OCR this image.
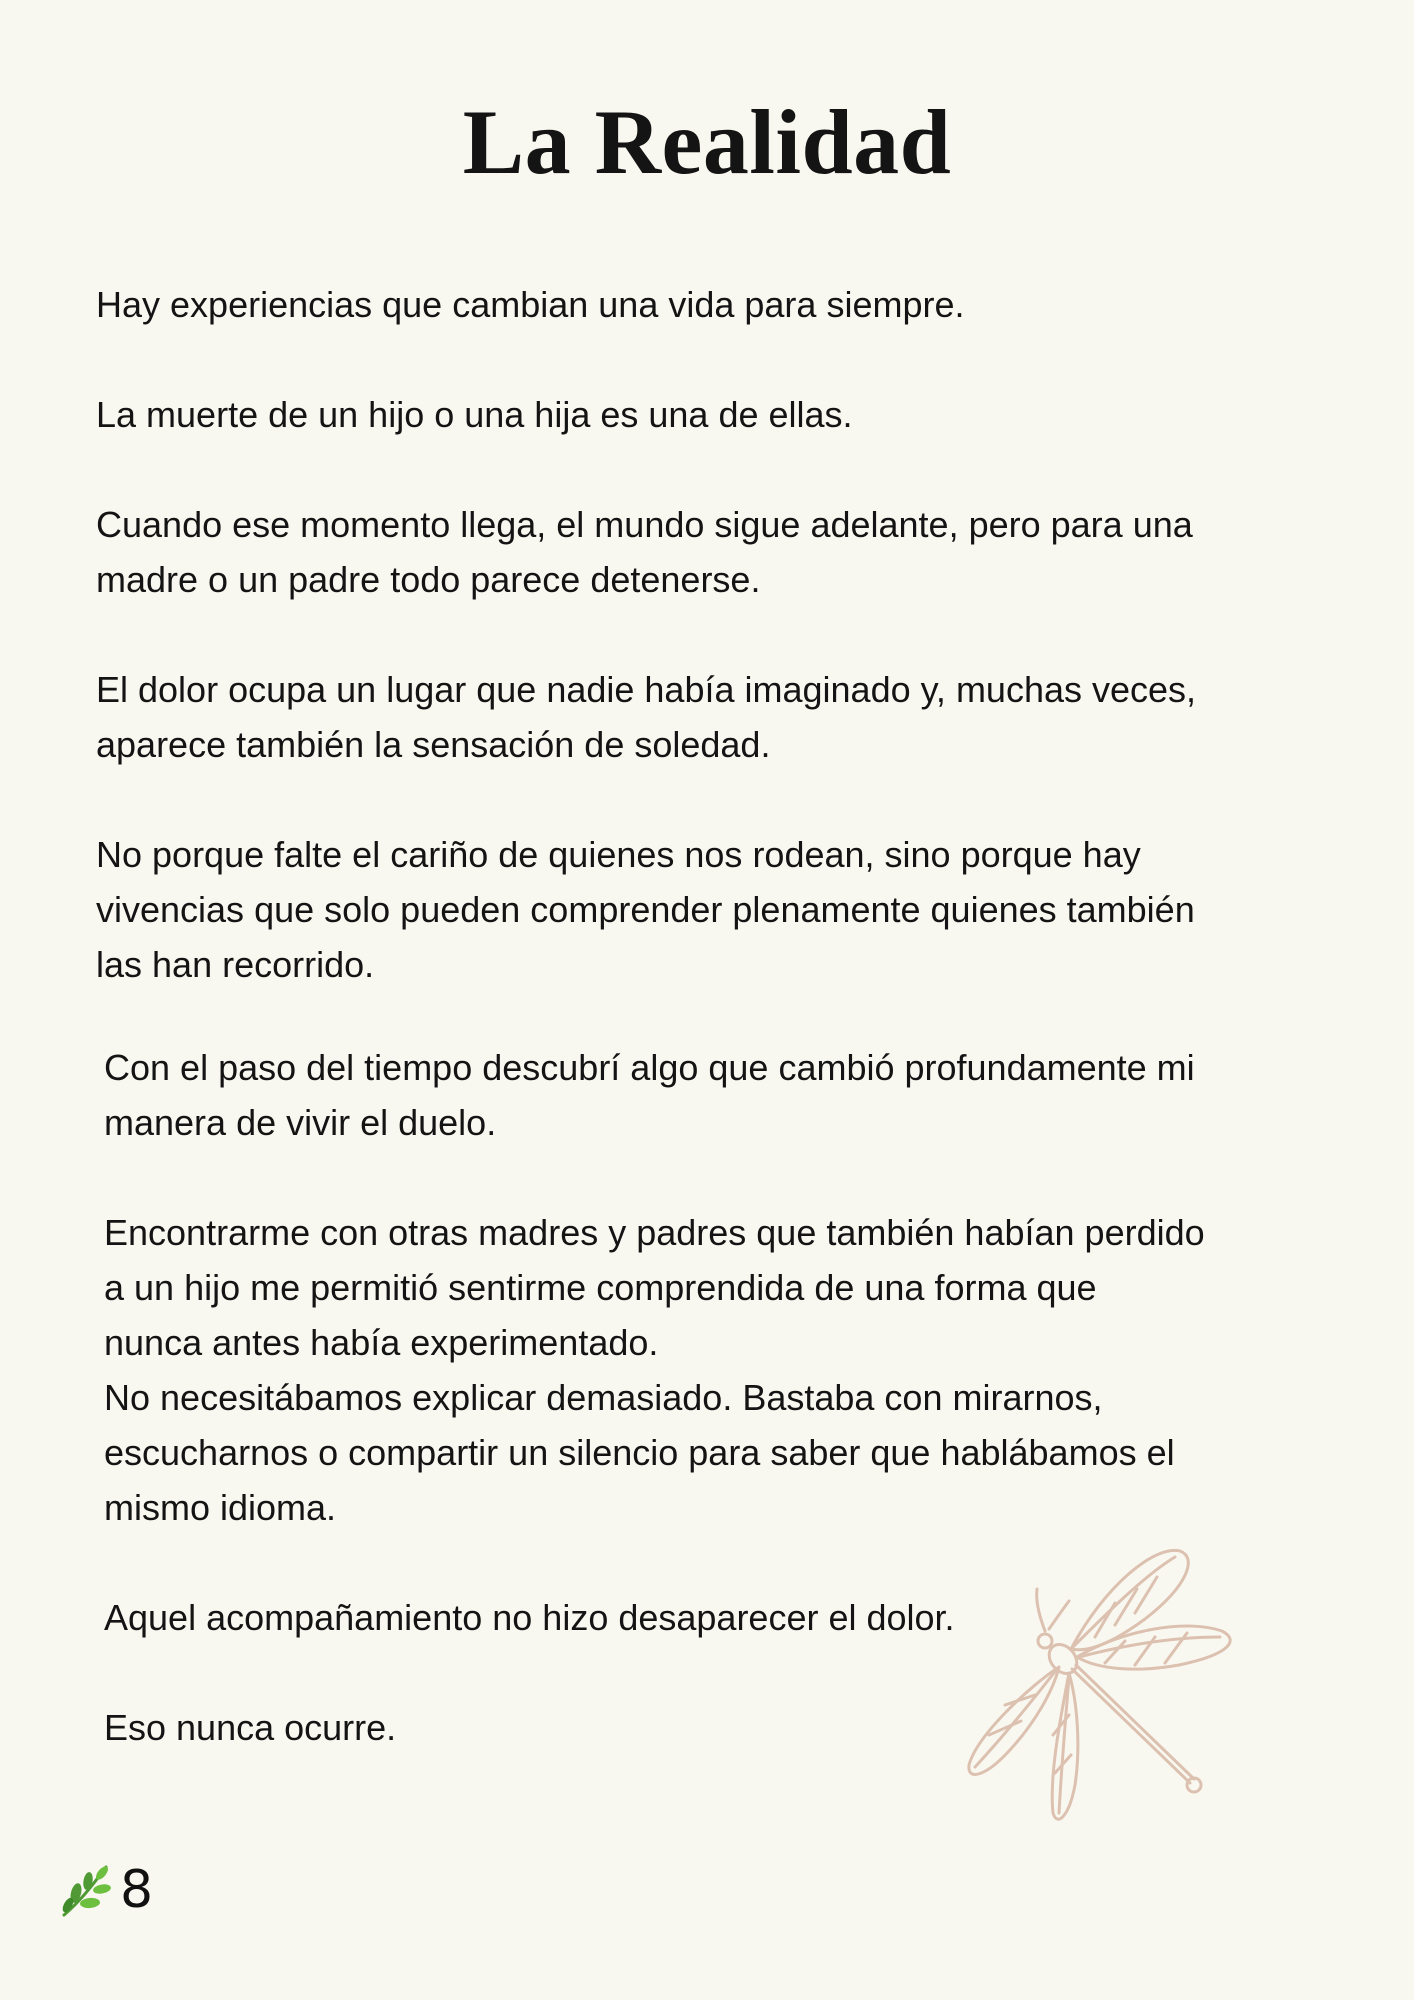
La Realidad

Hay experiencias que cambian una vida para siempre.

La muerte de un hijo o una hija es una de ellas.

Cuando ese momento llega, el mundo sigue adelante, pero para una
madre o un padre todo parece detenerse.

El dolor ocupa un lugar que nadie había imaginado y, muchas veces,
aparece también la sensación de soledad.

No porque falte el cariño de quienes nos rodean, sino porque hay
vivencias que solo pueden comprender plenamente quienes también
las han recorrido.

Con el paso del tiempo descubrí algo que cambió profundamente mi
manera de vivir el duelo.

Encontrarme con otras madres y padres que también habían perdido
a un hijo me permitió sentirme comprendida de una forma que
nunca antes había experimentado.
No necesitábamos explicar demasiado. Bastaba con mirarnos,
escucharnos o compartir un silencio para saber que hablábamos el
mismo idioma.

Aquel acompañamiento no hizo desaparecer el dolor.

Eso nunca ocurre.

8
